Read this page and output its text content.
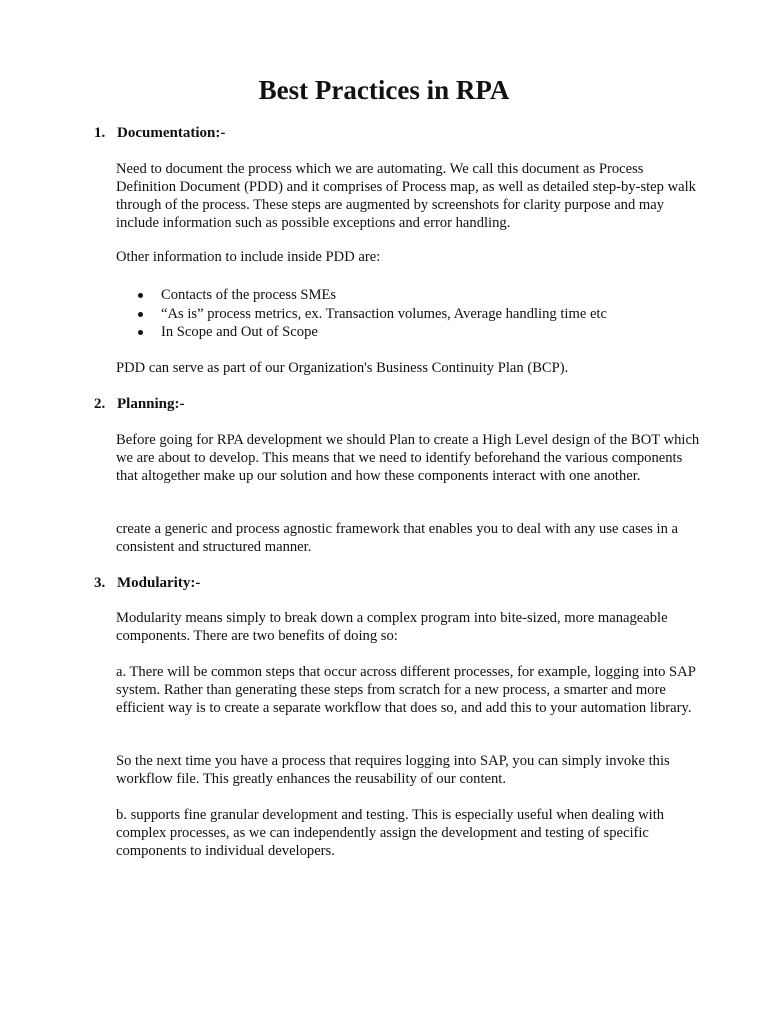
Best Practices in RPA
1. Documentation:-

Need to document the process which we are automating. We call this document as Process Definition Document (PDD) and it comprises of Process map, as well as detailed step-by-step walk through of the process. These steps are augmented by screenshots for clarity purpose and may include information such as possible exceptions and error handling.

Other information to include inside PDD are:

Contacts of the process SMEs
“As is” process metrics, ex. Transaction volumes, Average handling time etc
In Scope and Out of Scope

PDD can serve as part of our Organization's Business Continuity Plan (BCP).

2. Planning:-

Before going for RPA development we should Plan to create a High Level design of the BOT which we are about to develop. This means that we need to identify beforehand the various components that altogether make up our solution and how these components interact with one another.

create a generic and process agnostic framework that enables you to deal with any use cases in a consistent and structured manner.

3. Modularity:-

Modularity means simply to break down a complex program into bite-sized, more manageable components. There are two benefits of doing so:

a. There will be common steps that occur across different processes, for example, logging into SAP system. Rather than generating these steps from scratch for a new process, a smarter and more efficient way is to create a separate workflow that does so, and add this to your automation library.

So the next time you have a process that requires logging into SAP, you can simply invoke this workflow file. This greatly enhances the reusability of our content.

b. supports fine granular development and testing. This is especially useful when dealing with complex processes, as we can independently assign the development and testing of specific components to individual developers.
